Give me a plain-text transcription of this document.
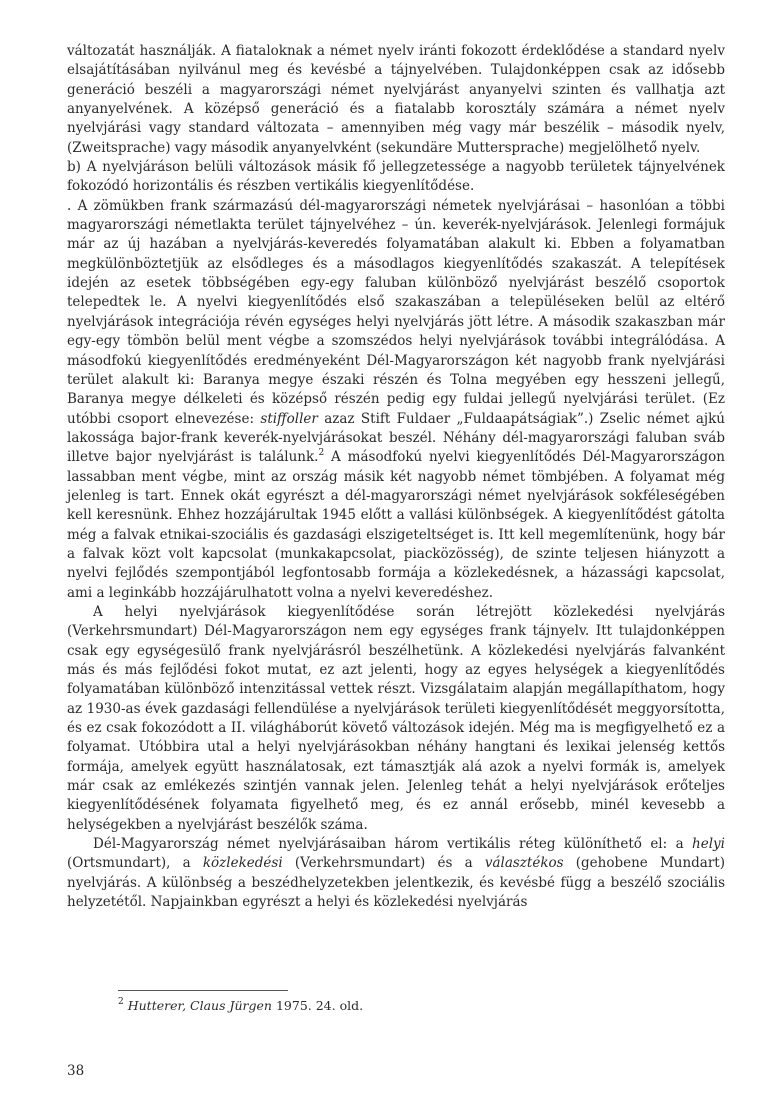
változatát használják. A fiataloknak a német nyelv iránti fokozott érdeklődése a standard nyelv elsajátításában nyilvánul meg és kevésbé a tájnyelvében. Tulajdonképpen csak az idősebb generáció beszéli a magyarországi német nyelvjárást anyanyelvi szinten és vallhatja azt anyanyelvének. A középső generáció és a fiatalabb korosztály számára a német nyelv nyelvjárási vagy standard változata – amennyiben még vagy már beszélik – második nyelv, (Zweitsprache) vagy második anyanyelvként (sekundäre Muttersprache) megjelölhető nyelv.

b) A nyelvjáráson belüli változások másik fő jellegzetessége a nagyobb területek tájnyelvének fokozódó horizontális és részben vertikális kiegyenlítődése.

. A zömükben frank származású dél-magyarországi németek nyelvjárásai – hasonlóan a többi magyarországi németlakta terület tájnyelvéhez – ún. keverék-nyelvjárások. Jelenlegi formájuk már az új hazában a nyelvjárás-keveredés folyamatában alakult ki. Ebben a folyamatban megkülönböztetjük az elsődleges és a másodlagos kiegyenlítődés szakaszát. A telepítések idején az esetek többségében egy-egy faluban különböző nyelvjárást beszélő csoportok telepedtek le. A nyelvi kiegyenlítődés első szakaszában a településeken belül az eltérő nyelvjárások integrációja révén egységes helyi nyelvjárás jött létre. A második szakaszban már egy-egy tömbön belül ment végbe a szomszédos helyi nyelvjárások további integrálódása. A másodfokú kiegyenlítődés eredményeként Dél-Magyarországon két nagyobb frank nyelvjárási terület alakult ki: Baranya megye északi részén és Tolna megyében egy hesszeni jellegű, Baranya megye délkeleti és középső részén pedig egy fuldai jellegű nyelvjárási terület. (Ez utóbbi csoport elnevezése: stiffoller azaz Stift Fuldaer „Fuldaapátságiak”.) Zselic német ajkú lakossága bajor-frank keverék-nyelvjárásokat beszél. Néhány dél-magyarországi faluban sváb illetve bajor nyelvjárást is találunk.$^2$ A másodfokú nyelvi kiegyenlítődés Dél-Magyarországon lassabban ment végbe, mint az ország másik két nagyobb német tömbjében. A folyamat még jelenleg is tart. Ennek okát egyrészt a dél-magyarországi német nyelvjárások sokféleségében kell keresnünk. Ehhez hozzájárultak 1945 előtt a vallási különbségek. A kiegyenlítődést gátolta még a falvak etnikai-szociális és gazdasági elszigeteltséget is. Itt kell megemlítenünk, hogy bár a falvak közt volt kapcsolat (munkakapcsolat, piacközösség), de szinte teljesen hiányzott a nyelvi fejlődés szempontjából legfontosabb formája a közlekedésnek, a házassági kapcsolat, ami a leginkább hozzájárulhatott volna a nyelvi keveredéshez.

A helyi nyelvjárások kiegyenlítődése során létrejött közlekedési nyelvjárás (Verkehrsmundart) Dél-Magyarországon nem egy egységes frank tájnyelv. Itt tulajdonképpen csak egy egységesülő frank nyelvjárásról beszélhetünk. A közlekedési nyelvjárás falvanként más és más fejlődési fokot mutat, ez azt jelenti, hogy az egyes helységek a kiegyenlítődés folyamatában különböző intenzitással vettek részt. Vizsgálataim alapján megállapíthatom, hogy az 1930-as évek gazdasági fellendülése a nyelvjárások területi kiegyenlítődését meggyorsította, és ez csak fokozódott a II. világháborút követő változások idején. Még ma is megfigyelhető ez a folyamat. Utóbbira utal a helyi nyelvjárásokban néhány hangtani és lexikai jelenség kettős formája, amelyek együtt használatosak, ezt támasztják alá azok a nyelvi formák is, amelyek már csak az emlékezés szintjén vannak jelen. Jelenleg tehát a helyi nyelvjárások erőteljes kiegyenlítődésének folyamata figyelhető meg, és ez annál erősebb, minél kevesebb a helységekben a nyelvjárást beszélők száma.

Dél-Magyarország német nyelvjárásaiban három vertikális réteg különíthető el: a helyi (Ortsmundart), a közlekedési (Verkehrsmundart) és a választékos (gehobene Mundart) nyelvjárás. A különbség a beszédhelyzetekben jelentkezik, és kevésbé függ a beszélő szociális helyzetétől. Napjainkban egyrészt a helyi és közlekedési nyelvjárás

$^2$ Hutterer, Claus Jürgen 1975. 24. old.
38
